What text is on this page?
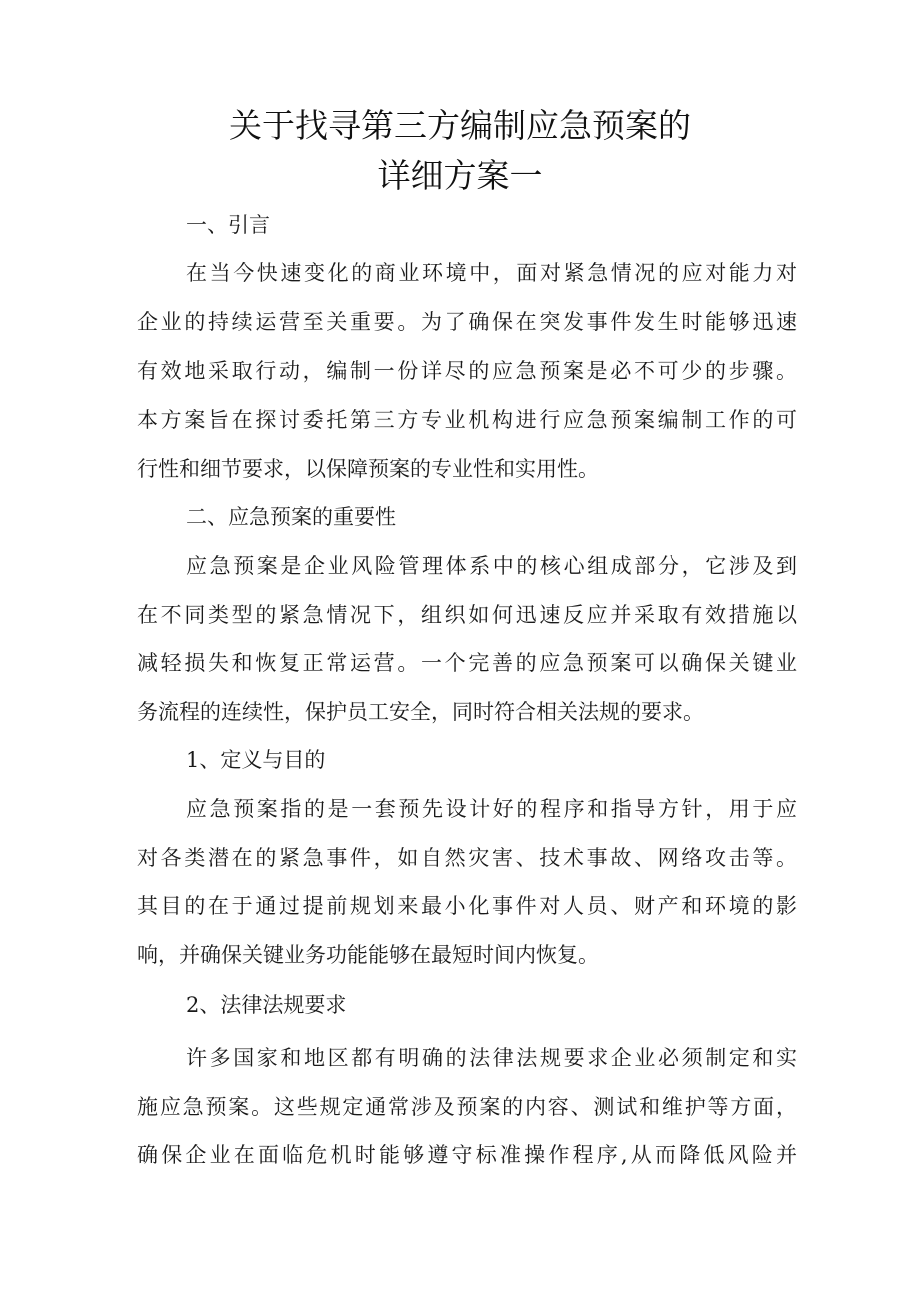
关于找寻第三方编制应急预案的
详细方案一
一、引言
在当今快速变化的商业环境中，面对紧急情况的应对能力对
企业的持续运营至关重要。为了确保在突发事件发生时能够迅速
有效地采取行动，编制一份详尽的应急预案是必不可少的步骤。
本方案旨在探讨委托第三方专业机构进行应急预案编制工作的可
行性和细节要求，以保障预案的专业性和实用性。
二、应急预案的重要性
应急预案是企业风险管理体系中的核心组成部分，它涉及到
在不同类型的紧急情况下，组织如何迅速反应并采取有效措施以
减轻损失和恢复正常运营。一个完善的应急预案可以确保关键业
务流程的连续性，保护员工安全，同时符合相关法规的要求。
1、定义与目的
应急预案指的是一套预先设计好的程序和指导方针，用于应
对各类潜在的紧急事件，如自然灾害、技术事故、网络攻击等。
其目的在于通过提前规划来最小化事件对人员、财产和环境的影
响，并确保关键业务功能能够在最短时间内恢复。
2、法律法规要求
许多国家和地区都有明确的法律法规要求企业必须制定和实
施应急预案。这些规定通常涉及预案的内容、测试和维护等方面，
确保企业在面临危机时能够遵守标准操作程序,从而降低风险并
